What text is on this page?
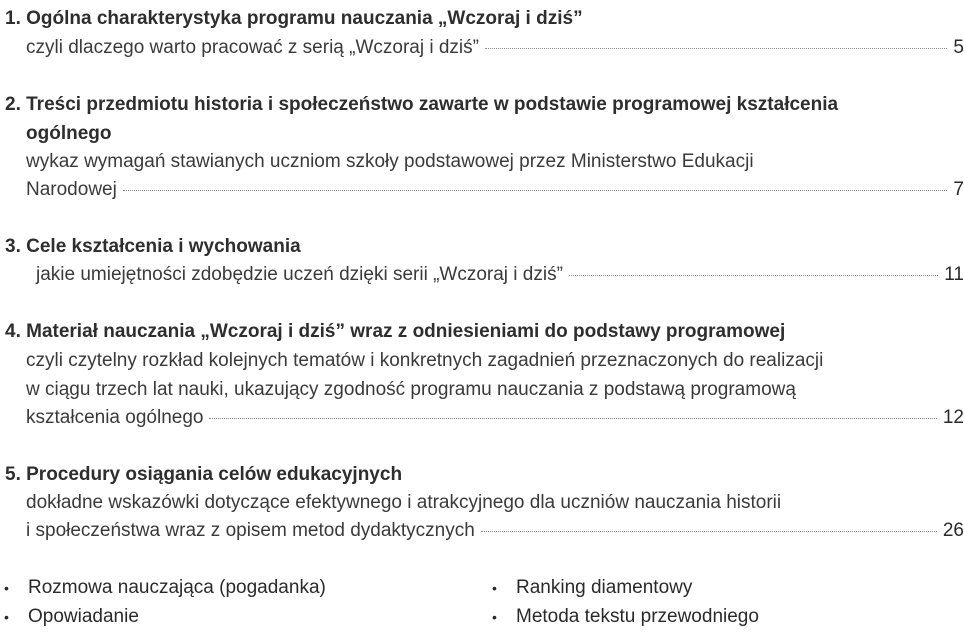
1. Ogólna charakterystyka programu nauczania „Wczoraj i dziś”
czyli dlaczego warto pracować z serią „Wczoraj i dziś”	5
2. Treści przedmiotu historia i społeczeństwo zawarte w podstawie programowej kształcenia
ogólnego
wykaz wymagań stawianych uczniom szkoły podstawowej przez Ministerstwo Edukacji
Narodowej	7
3. Cele kształcenia i wychowania
jakie umiejętności zdobędzie uczeń dzięki serii „Wczoraj i dziś”	11
4. Materiał nauczania „Wczoraj i dziś” wraz z odniesieniami do podstawy programowej
czyli czytelny rozkład kolejnych tematów i konkretnych zagadnień przeznaczonych do realizacji
w ciągu trzech lat nauki, ukazujący zgodność programu nauczania z podstawą programową
kształcenia ogólnego	12
5. Procedury osiągania celów edukacyjnych
dokładne wskazówki dotyczące efektywnego i atrakcyjnego dla uczniów nauczania historii
i społeczeństwa wraz z opisem metod dydaktycznych	26
•	Rozmowa nauczająca (pogadanka)
•	Opowiadanie
•	Ranking diamentowy
•	Metoda tekstu przewodniego
